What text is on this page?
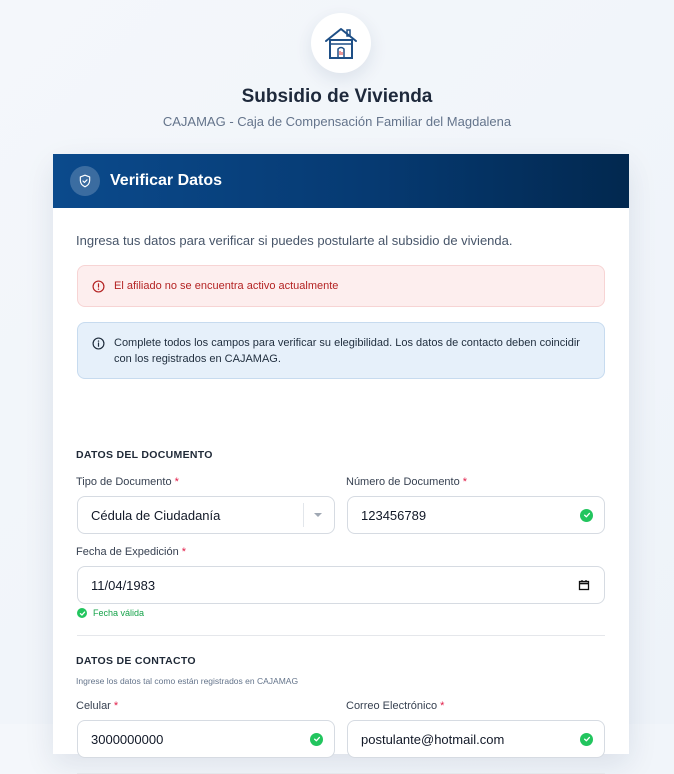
Subsidio de Vivienda
CAJAMAG - Caja de Compensación Familiar del Magdalena
Verificar Datos
Ingresa tus datos para verificar si puedes postularte al subsidio de vivienda.
El afiliado no se encuentra activo actualmente
Complete todos los campos para verificar su elegibilidad. Los datos de contacto deben coincidir con los registrados en CAJAMAG.
DATOS DEL DOCUMENTO
Tipo de Documento *
Cédula de Ciudadanía
Número de Documento *
123456789
Fecha de Expedición *
11/04/1983
Fecha válida
DATOS DE CONTACTO
Ingrese los datos tal como están registrados en CAJAMAG
Celular *
3000000000
Correo Electrónico *
postulante@hotmail.com
